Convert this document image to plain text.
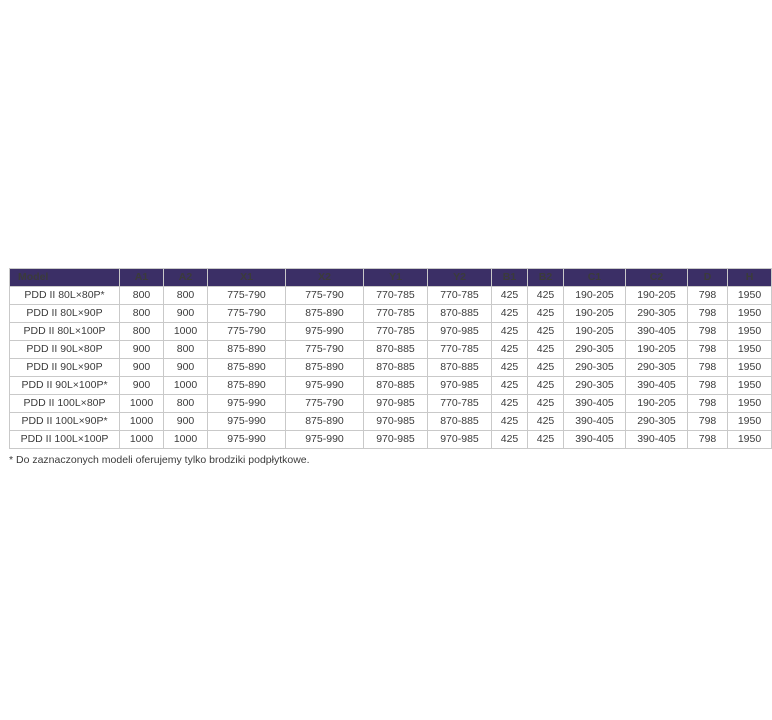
Model	A1	A2	X1	X2	Y1	Y2	B1	B2	C1	C2	D	H
PDD II 80L×80P*	800	800	775-790	775-790	770-785	770-785	425	425	190-205	190-205	798	1950
PDD II 80L×90P	800	900	775-790	875-890	770-785	870-885	425	425	190-205	290-305	798	1950
PDD II 80L×100P	800	1000	775-790	975-990	770-785	970-985	425	425	190-205	390-405	798	1950
PDD II 90L×80P	900	800	875-890	775-790	870-885	770-785	425	425	290-305	190-205	798	1950
PDD II 90L×90P	900	900	875-890	875-890	870-885	870-885	425	425	290-305	290-305	798	1950
PDD II 90L×100P*	900	1000	875-890	975-990	870-885	970-985	425	425	290-305	390-405	798	1950
PDD II 100L×80P	1000	800	975-990	775-790	970-985	770-785	425	425	390-405	190-205	798	1950
PDD II 100L×90P*	1000	900	975-990	875-890	970-985	870-885	425	425	390-405	290-305	798	1950
PDD II 100L×100P	1000	1000	975-990	975-990	970-985	970-985	425	425	390-405	390-405	798	1950
* Do zaznaczonych modeli oferujemy tylko brodziki podpłytkowe.
